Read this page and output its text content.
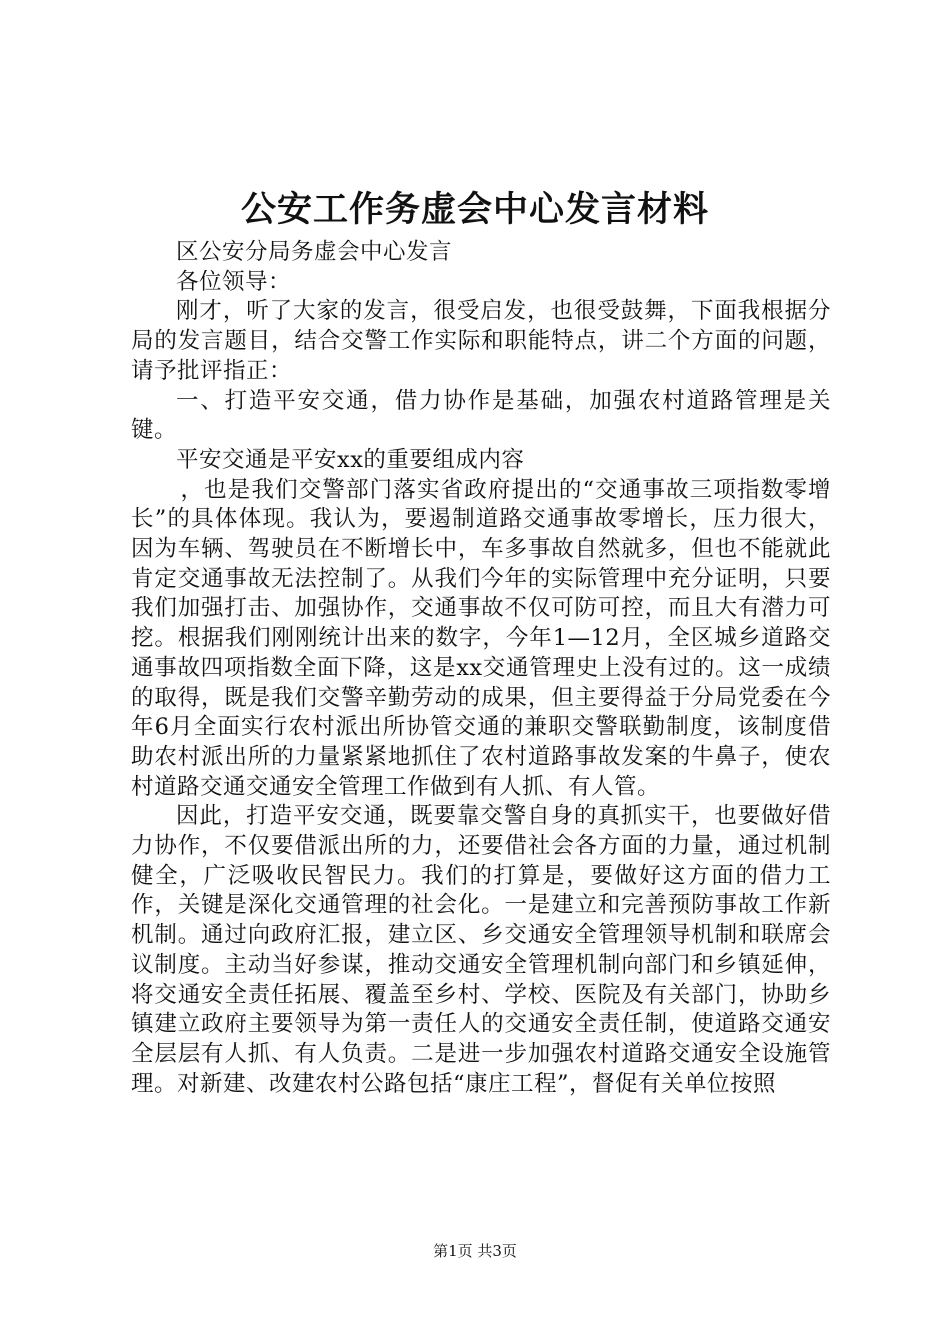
公安工作务虚会中心发言材料

区公安分局务虚会中心发言

各位领导：

刚才，听了大家的发言，很受启发，也很受鼓舞，下面我根据分局的发言题目，结合交警工作实际和职能特点，讲二个方面的问题，请予批评指正：

一、打造平安交通，借力协作是基础，加强农村道路管理是关键。

平安交通是平安xx的重要组成内容

，也是我们交警部门落实省政府提出的“交通事故三项指数零增长”的具体体现。我认为，要遏制道路交通事故零增长，压力很大，因为车辆、驾驶员在不断增长中，车多事故自然就多，但也不能就此肯定交通事故无法控制了。从我们今年的实际管理中充分证明，只要我们加强打击、加强协作，交通事故不仅可防可控，而且大有潜力可挖。根据我们刚刚统计出来的数字，今年1—12月，全区城乡道路交通事故四项指数全面下降，这是xx交通管理史上没有过的。这一成绩的取得，既是我们交警辛勤劳动的成果，但主要得益于分局党委在今年6月全面实行农村派出所协管交通的兼职交警联勤制度，该制度借助农村派出所的力量紧紧地抓住了农村道路事故发案的牛鼻子，使农村道路交通交通安全管理工作做到有人抓、有人管。

因此，打造平安交通，既要靠交警自身的真抓实干，也要做好借力协作，不仅要借派出所的力，还要借社会各方面的力量，通过机制健全，广泛吸收民智民力。我们的打算是，要做好这方面的借力工作，关键是深化交通管理的社会化。一是建立和完善预防事故工作新机制。通过向政府汇报，建立区、乡交通安全管理领导机制和联席会议制度。主动当好参谋，推动交通安全管理机制向部门和乡镇延伸，将交通安全责任拓展、覆盖至乡村、学校、医院及有关部门，协助乡镇建立政府主要领导为第一责任人的交通安全责任制，使道路交通安全层层有人抓、有人负责。二是进一步加强农村道路交通安全设施管理。对新建、改建农村公路包括“康庄工程”，督促有关单位按照

第1页 共3页
